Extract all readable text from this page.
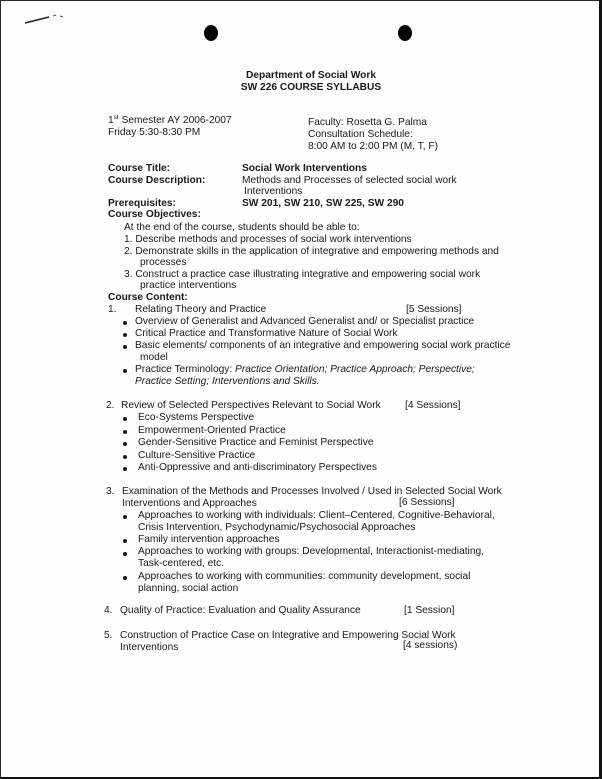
Department of Social Work
SW 226 COURSE SYLLABUS
1st Semester AY 2006-2007
Friday 5:30-8:30 PM
Faculty: Rosetta G. Palma
Consultation Schedule:
8:00 AM to 2:00 PM (M, T, F)
Course Title:	Social Work Interventions
Course Description:	Methods and Processes of selected social work
Interventions
Prerequisites:	SW 201, SW 210, SW 225, SW 290
Course Objectives:
At the end of the course, students should be able to:
1. Describe methods and processes of social work interventions
2. Demonstrate skills in the application of integrative and empowering methods and
processes
3. Construct a practice case illustrating integrative and empowering social work
practice interventions
Course Content:
1. Relating Theory and Practice	[5 Sessions]
Overview of Generalist and Advanced Generalist and/ or Specialist practice
Critical Practice and Transformative Nature of Social Work
Basic elements/ components of an integrative and empowering social work practice
model
Practice Terminology: Practice Orientation; Practice Approach; Perspective;
Practice Setting; Interventions and Skills.
2. Review of Selected Perspectives Relevant to Social Work [4 Sessions]
Eco-Systems Perspective
Empowerment-Oriented Practice
Gender-Sensitive Practice and Feminist Perspective
Culture-Sensitive Practice
Anti-Oppressive and anti-discriminatory Perspectives
3. Examination of the Methods and Processes Involved / Used in Selected Social Work
Interventions and Approaches	[6 Sessions]
Approaches to working with individuals: Client–Centered, Cognitive-Behavioral,
Crisis Intervention, Psychodynamic/Psychosocial Approaches
Family intervention approaches
Approaches to working with groups: Developmental, Interactionist-mediating,
Task-centered, etc.
Approaches to working with communities: community development, social
planning, social action
4. Quality of Practice: Evaluation and Quality Assurance	[1 Session]
5. Construction of Practice Case on Integrative and Empowering Social Work
Interventions	[4 sessions)
